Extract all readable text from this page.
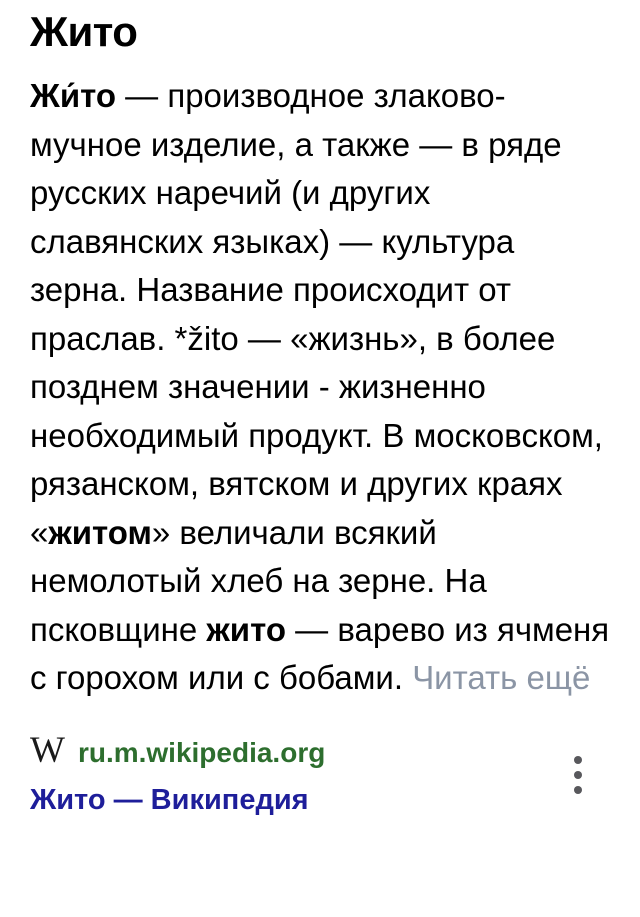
Жито

Жи́то — производное злаково-мучное изделие, а также — в ряде русских наречий (и других славянских языках) — культура зерна. Название происходит от праслав. *žito — «жизнь», в более позднем значении - жизненно необходимый продукт. В московском, рязанском, вятском и других краях «житом» величали всякий немолотый хлеб на зерне. На псковщине жито — варево из ячменя с горохом или с бобами. Читать ещё

W ru.m.wikipedia.org
Жито — Википедия
